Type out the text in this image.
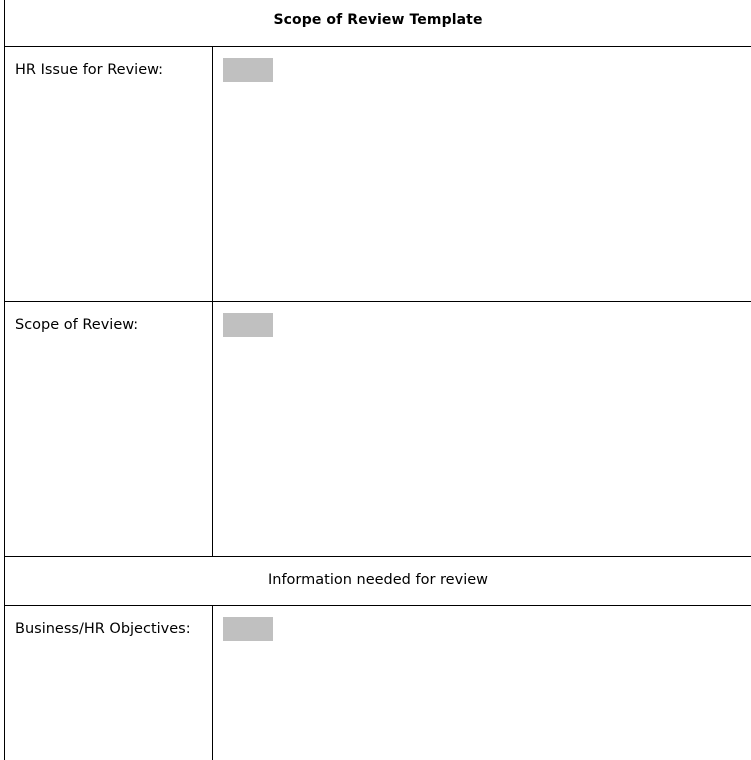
Scope of Review Template
HR Issue for Review:
Scope of Review:
Information needed for review
Business/HR Objectives:
